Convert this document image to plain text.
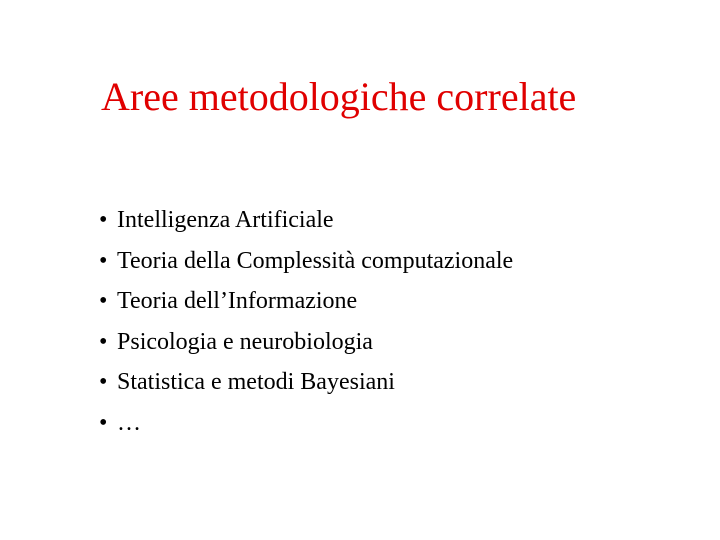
Aree metodologiche correlate
• Intelligenza Artificiale
• Teoria della Complessità computazionale
• Teoria dell’Informazione
• Psicologia e neurobiologia
• Statistica e metodi Bayesiani
• …
